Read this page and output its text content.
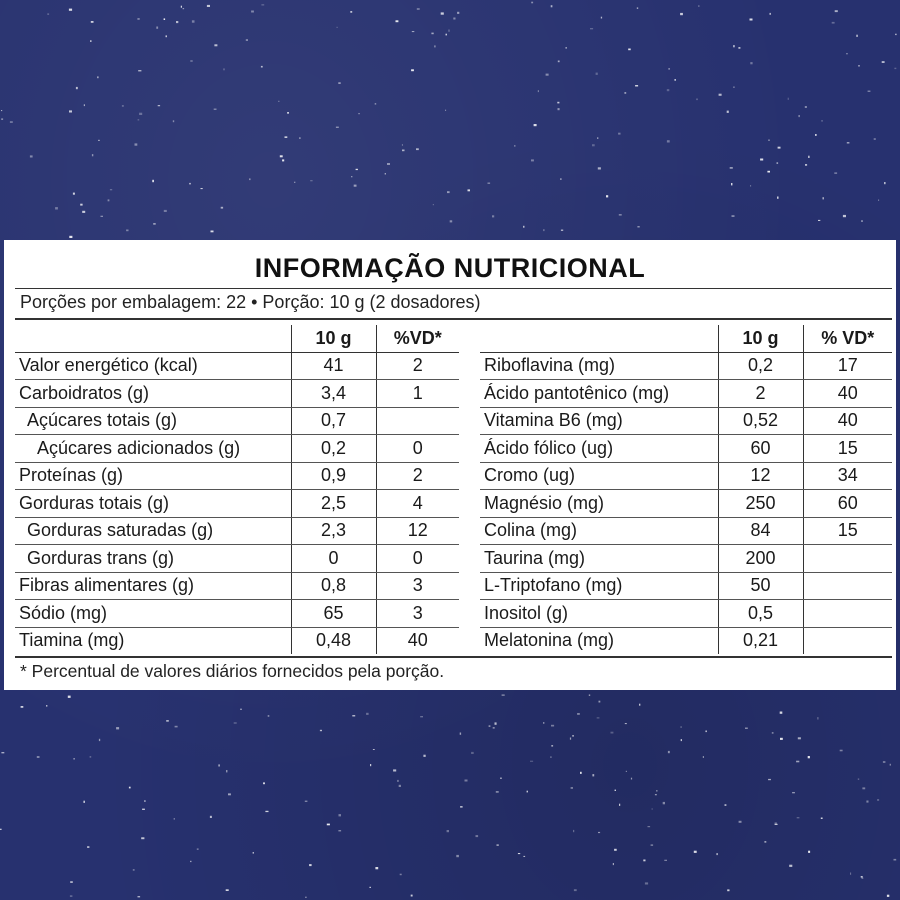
INFORMAÇÃO NUTRICIONAL
Porções por embalagem: 22 • Porção: 10 g (2 dosadores)
	10 g	%VD*
Valor energético (kcal)	41	2
Carboidratos (g)	3,4	1
Açúcares totais (g)	0,7	
Açúcares adicionados (g)	0,2	0
Proteínas (g)	0,9	2
Gorduras totais (g)	2,5	4
Gorduras saturadas (g)	2,3	12
Gorduras trans (g)	0	0
Fibras alimentares (g)	0,8	3
Sódio (mg)	65	3
Tiamina (mg)	0,48	40
	10 g	% VD*
Riboflavina (mg)	0,2	17
Ácido pantotênico (mg)	2	40
Vitamina B6 (mg)	0,52	40
Ácido fólico (ug)	60	15
Cromo (ug)	12	34
Magnésio (mg)	250	60
Colina (mg)	84	15
Taurina (mg)	200	
L-Triptofano (mg)	50	
Inositol (g)	0,5	
Melatonina (mg)	0,21	
* Percentual de valores diários fornecidos pela porção.
